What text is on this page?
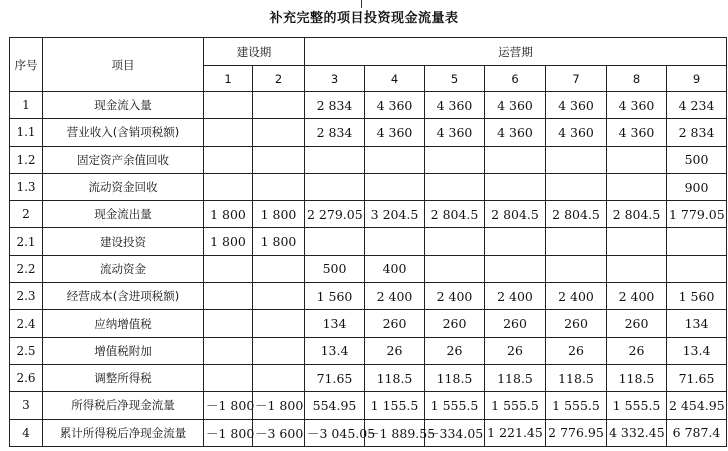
补充完整的项目投资现金流量表
序号	项目	建设期		运营期						
		1	2	3	4	5	6	7	8	9
1	现金流入量			2 834	4 360	4 360	4 360	4 360	4 360	4 234
1.1	营业收入(含销项税额)			2 834	4 360	4 360	4 360	4 360	4 360	2 834
1.2	固定资产余值回收									500
1.3	流动资金回收									900
2	现金流出量	1 800	1 800	2 279.05	3 204.5	2 804.5	2 804.5	2 804.5	2 804.5	1 779.05
2.1	建设投资	1 800	1 800							
2.2	流动资金			500	400					
2.3	经营成本(含进项税额)			1 560	2 400	2 400	2 400	2 400	2 400	1 560
2.4	应纳增值税			134	260	260	260	260	260	134
2.5	增值税附加			13.4	26	26	26	26	26	13.4
2.6	调整所得税			71.65	118.5	118.5	118.5	118.5	118.5	71.65
3	所得税后净现金流量	－1 800	－1 800	554.95	1 155.5	1 555.5	1 555.5	1 555.5	1 555.5	2 454.95
4	累计所得税后净现金流量	－1 800	－3 600	－3 045.05	－1 889.55	－334.05	1 221.45	2 776.95	4 332.45	6 787.4
